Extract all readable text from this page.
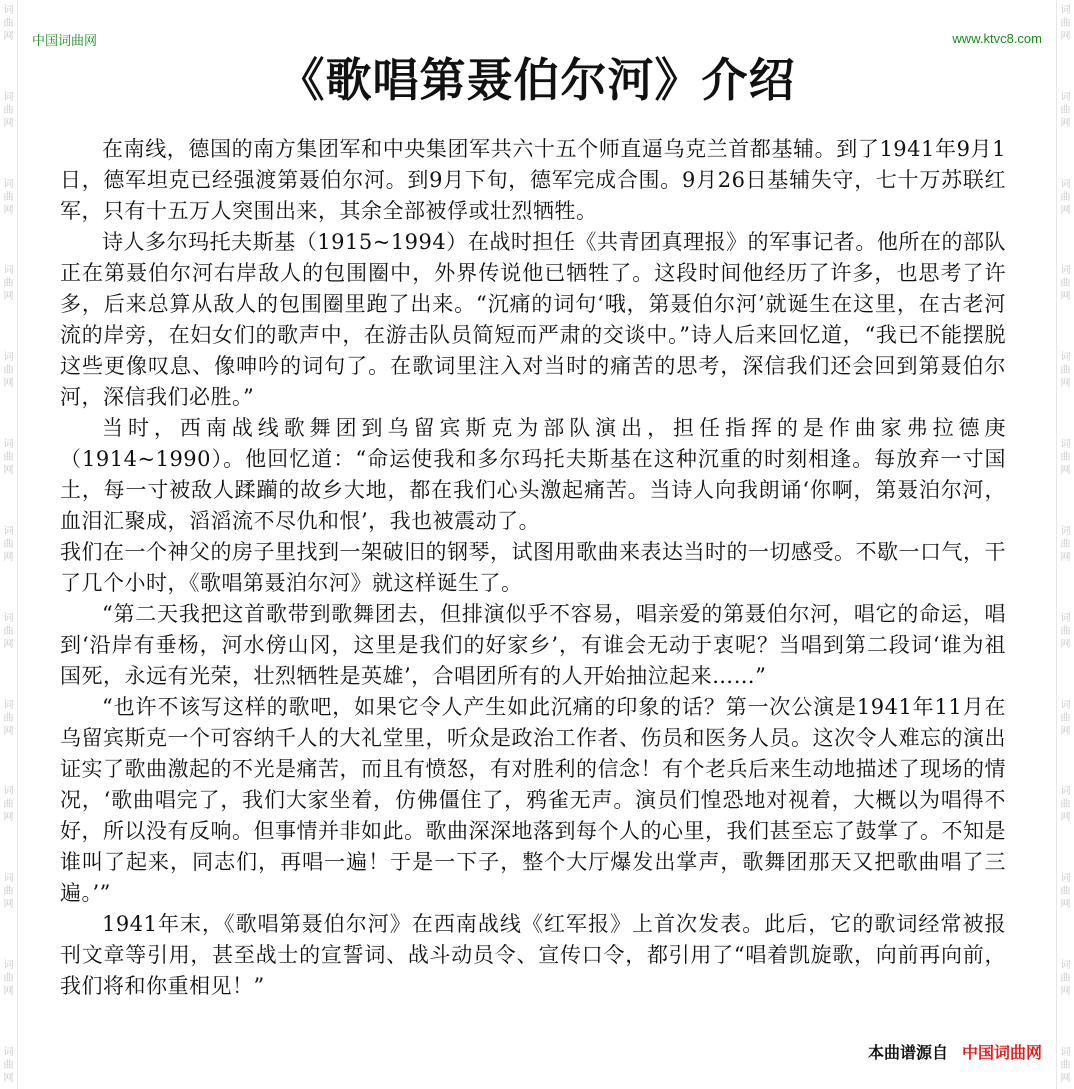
词曲网
词曲网
词曲网
词曲网
词曲网
词曲网
词曲网
词曲网
词曲网
词曲网
词曲网
词曲网
词曲网
词曲网
词曲网
词曲网
词曲网
词曲网
词曲网
词曲网
词曲网
词曲网
词曲网
词曲网
词曲网
词曲网
中国词曲网	www.ktvc8.com
《歌唱第聂伯尔河》介绍

在南线，德国的南方集团军和中央集团军共六十五个师直逼乌克兰首都基辅。到了1941年9月1日，德军坦克已经强渡第聂伯尔河。到9月下旬，德军完成合围。9月26日基辅失守，七十万苏联红军，只有十五万人突围出来，其余全部被俘或壮烈牺牲。

诗人多尔玛托夫斯基（1915~1994）在战时担任《共青团真理报》的军事记者。他所在的部队正在第聂伯尔河右岸敌人的包围圈中，外界传说他已牺牲了。这段时间他经历了许多，也思考了许多，后来总算从敌人的包围圈里跑了出来。“沉痛的词句‘哦，第聂伯尔河’就诞生在这里，在古老河流的岸旁，在妇女们的歌声中，在游击队员简短而严肃的交谈中。”诗人后来回忆道，“我已不能摆脱这些更像叹息、像呻吟的词句了。在歌词里注入对当时的痛苦的思考，深信我们还会回到第聂伯尔河，深信我们必胜。”

当时，西南战线歌舞团到乌留宾斯克为部队演出，担任指挥的是作曲家弗拉德庚（1914~1990）。他回忆道：“命运使我和多尔玛托夫斯基在这种沉重的时刻相逢。每放弃一寸国土，每一寸被敌人蹂躏的故乡大地，都在我们心头激起痛苦。当诗人向我朗诵‘你啊，第聂泊尔河，血泪汇聚成，滔滔流不尽仇和恨’，我也被震动了。

我们在一个神父的房子里找到一架破旧的钢琴，试图用歌曲来表达当时的一切感受。不歇一口气，干了几个小时，《歌唱第聂泊尔河》就这样诞生了。

“第二天我把这首歌带到歌舞团去，但排演似乎不容易，唱亲爱的第聂伯尔河，唱它的命运，唱到‘沿岸有垂杨，河水傍山冈，这里是我们的好家乡’，有谁会无动于衷呢？当唱到第二段词‘谁为祖国死，永远有光荣，壮烈牺牲是英雄’，合唱团所有的人开始抽泣起来……”

“也许不该写这样的歌吧，如果它令人产生如此沉痛的印象的话？第一次公演是1941年11月在乌留宾斯克一个可容纳千人的大礼堂里，听众是政治工作者、伤员和医务人员。这次令人难忘的演出证实了歌曲激起的不光是痛苦，而且有愤怒，有对胜利的信念！有个老兵后来生动地描述了现场的情况，‘歌曲唱完了，我们大家坐着，仿佛僵住了，鸦雀无声。演员们惶恐地对视着，大概以为唱得不好，所以没有反响。但事情并非如此。歌曲深深地落到每个人的心里，我们甚至忘了鼓掌了。不知是谁叫了起来，同志们，再唱一遍！于是一下子，整个大厅爆发出掌声，歌舞团那天又把歌曲唱了三遍。’”

1941年末，《歌唱第聂伯尔河》在西南战线《红军报》上首次发表。此后，它的歌词经常被报刊文章等引用，甚至战士的宣誓词、战斗动员令、宣传口令，都引用了“唱着凯旋歌，向前再向前，我们将和你重相见！”

本曲谱源自 中国词曲网
